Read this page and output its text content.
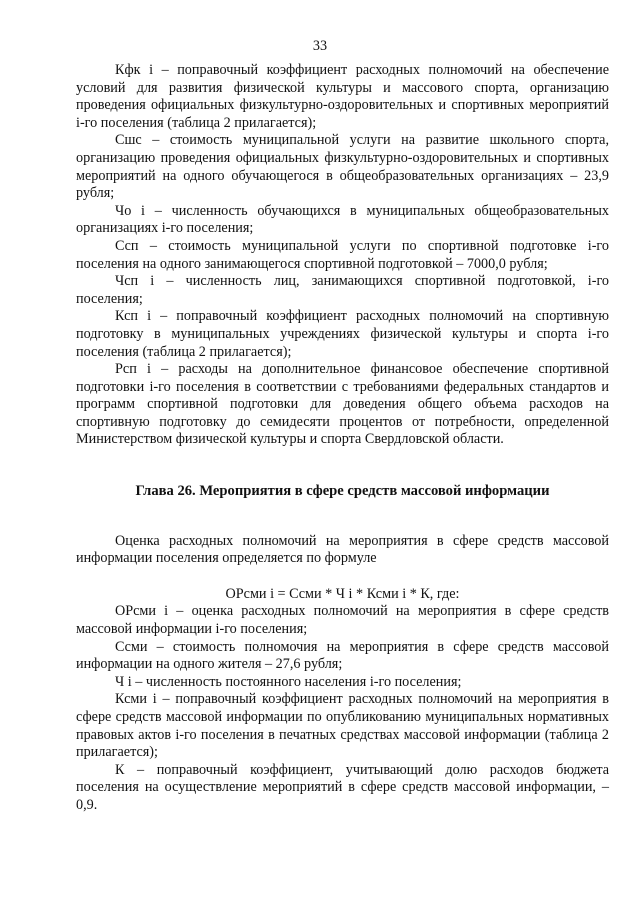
33

Кфк i – поправочный коэффициент расходных полномочий на обеспечение условий для развития физической культуры и массового спорта, организацию проведения официальных физкультурно-оздоровительных и спортивных мероприятий i-го поселения (таблица 2 прилагается);

Сшс – стоимость муниципальной услуги на развитие школьного спорта, организацию проведения официальных физкультурно-оздоровительных и спортивных мероприятий на одного обучающегося в общеобразовательных организациях – 23,9 рубля;

Чо i – численность обучающихся в муниципальных общеобразовательных организациях i-го поселения;

Ссп – стоимость муниципальной услуги по спортивной подготовке i-го поселения на одного занимающегося спортивной подготовкой – 7000,0 рубля;

Чсп i – численность лиц, занимающихся спортивной подготовкой, i-го поселения;

Ксп i – поправочный коэффициент расходных полномочий на спортивную подготовку в муниципальных учреждениях физической культуры и спорта i-го поселения (таблица 2 прилагается);

Рсп i – расходы на дополнительное финансовое обеспечение спортивной подготовки i-го поселения в соответствии с требованиями федеральных стандартов и программ спортивной подготовки для доведения общего объема расходов на спортивную подготовку до семидесяти процентов от потребности, определенной Министерством физической культуры и спорта Свердловской области.

Глава 26. Мероприятия в сфере средств массовой информации

Оценка расходных полномочий на мероприятия в сфере средств массовой информации поселения определяется по формуле

ОРсми i = Ссми * Ч i * Ксми i * К, где:

ОРсми i – оценка расходных полномочий на мероприятия в сфере средств массовой информации i-го поселения;

Ссми – стоимость полномочия на мероприятия в сфере средств массовой информации на одного жителя – 27,6 рубля;

Ч i – численность постоянного населения i-го поселения;

Ксми i – поправочный коэффициент расходных полномочий на мероприятия в сфере средств массовой информации по опубликованию муниципальных нормативных правовых актов i-го поселения в печатных средствах массовой информации (таблица 2 прилагается);

К – поправочный коэффициент, учитывающий долю расходов бюджета поселения на осуществление мероприятий в сфере средств массовой информации, – 0,9.
